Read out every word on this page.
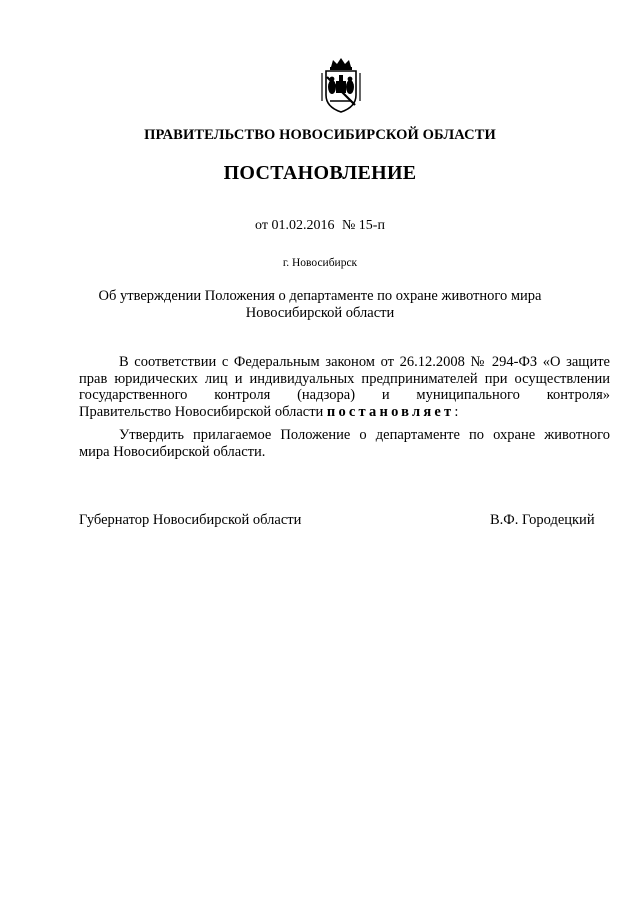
ПРАВИТЕЛЬСТВО НОВОСИБИРСКОЙ ОБЛАСТИ
ПОСТАНОВЛЕНИЕ
от 01.02.2016 № 15-п
г. Новосибирск
Об утверждении Положения о департаменте по охране животного мира
Новосибирской области
В соответствии с Федеральным законом от 26.12.2008 № 294-ФЗ «О защите
прав юридических лиц и индивидуальных предпринимателей при осуществлении
государственного контроля (надзора) и муниципального контроля»
Правительство Новосибирской области постановляет:
Утвердить прилагаемое Положение о департаменте по охране животного
мира Новосибирской области.
Губернатор Новосибирской области	В.Ф. Городецкий
